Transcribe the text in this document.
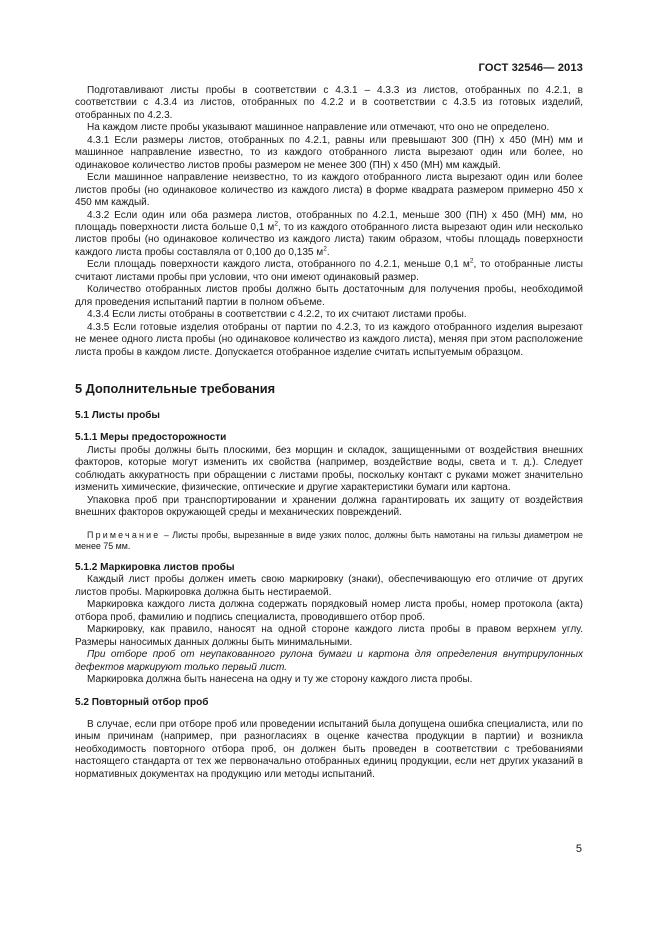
ГОСТ 32546— 2013

Подготавливают листы пробы в соответствии с 4.3.1 – 4.3.3 из листов, отобранных по 4.2.1, в соответствии с 4.3.4 из листов, отобранных по 4.2.2 и в соответствии с 4.3.5 из готовых изделий, отобранных по 4.2.3.

На каждом листе пробы указывают машинное направление или отмечают, что оно не определено.

4.3.1 Если размеры листов, отобранных по 4.2.1, равны или превышают 300 (ПН) х 450 (МН) мм и машинное направление известно, то из каждого отобранного листа вырезают один или более, но одинаковое количество листов пробы размером не менее 300 (ПН) х 450 (МН) мм каждый.

Если машинное направление неизвестно, то из каждого отобранного листа вырезают один или более листов пробы (но одинаковое количество из каждого листа) в форме квадрата размером примерно 450 х 450 мм каждый.

4.3.2 Если один или оба размера листов, отобранных по 4.2.1, меньше 300 (ПН) х 450 (МН) мм, но площадь поверхности листа больше 0,1 $м^2$, то из каждого отобранного листа вырезают один или несколько листов пробы (но одинаковое количество из каждого листа) таким образом, чтобы площадь поверхности каждого листа пробы составляла от 0,100 до 0,135 $м^2$.

Если площадь поверхности каждого листа, отобранного по 4.2.1, меньше 0,1 $м^2$, то отобранные листы считают листами пробы при условии, что они имеют одинаковый размер.

Количество отобранных листов пробы должно быть достаточным для получения пробы, необходимой для проведения испытаний партии в полном объеме.

4.3.4 Если листы отобраны в соответствии с 4.2.2, то их считают листами пробы.

4.3.5 Если готовые изделия отобраны от партии по 4.2.3, то из каждого отобранного изделия вырезают не менее одного листа пробы (но одинаковое количество из каждого листа), меняя при этом расположение листа пробы в каждом листе. Допускается отобранное изделие считать испытуемым образцом.

5 Дополнительные требования
5.1 Листы пробы
5.1.1 Меры предосторожности

Листы пробы должны быть плоскими, без морщин и складок, защищенными от воздействия внешних факторов, которые могут изменить их свойства (например, воздействие воды, света и т. д.). Следует соблюдать аккуратность при обращении с листами пробы, поскольку контакт с руками может значительно изменить химические, физические, оптические и другие характеристики бумаги или картона.

Упаковка проб при транспортировании и хранении должна гарантировать их защиту от воздействия внешних факторов окружающей среды и механических повреждений.

Примечание – Листы пробы, вырезанные в виде узких полос, должны быть намотаны на гильзы диаметром не менее 75 мм.

5.1.2 Маркировка листов пробы

Каждый лист пробы должен иметь свою маркировку (знаки), обеспечивающую его отличие от других листов пробы. Маркировка должна быть нестираемой.

Маркировка каждого листа должна содержать порядковый номер листа пробы, номер протокола (акта) отбора проб, фамилию и подпись специалиста, проводившего отбор проб.

Маркировку, как правило, наносят на одной стороне каждого листа пробы в правом верхнем углу. Размеры наносимых данных должны быть минимальными.

При отборе проб от неупакованного рулона бумаги и картона для определения внутрирулонных дефектов маркируют только первый лист.

Маркировка должна быть нанесена на одну и ту же сторону каждого листа пробы.

5.2 Повторный отбор проб

В случае, если при отборе проб или проведении испытаний была допущена ошибка специалиста, или по иным причинам (например, при разногласиях в оценке качества продукции в партии) и возникла необходимость повторного отбора проб, он должен быть проведен в соответствии с требованиями настоящего стандарта от тех же первоначально отобранных единиц продукции, если нет других указаний в нормативных документах на продукцию или методы испытаний.

5
